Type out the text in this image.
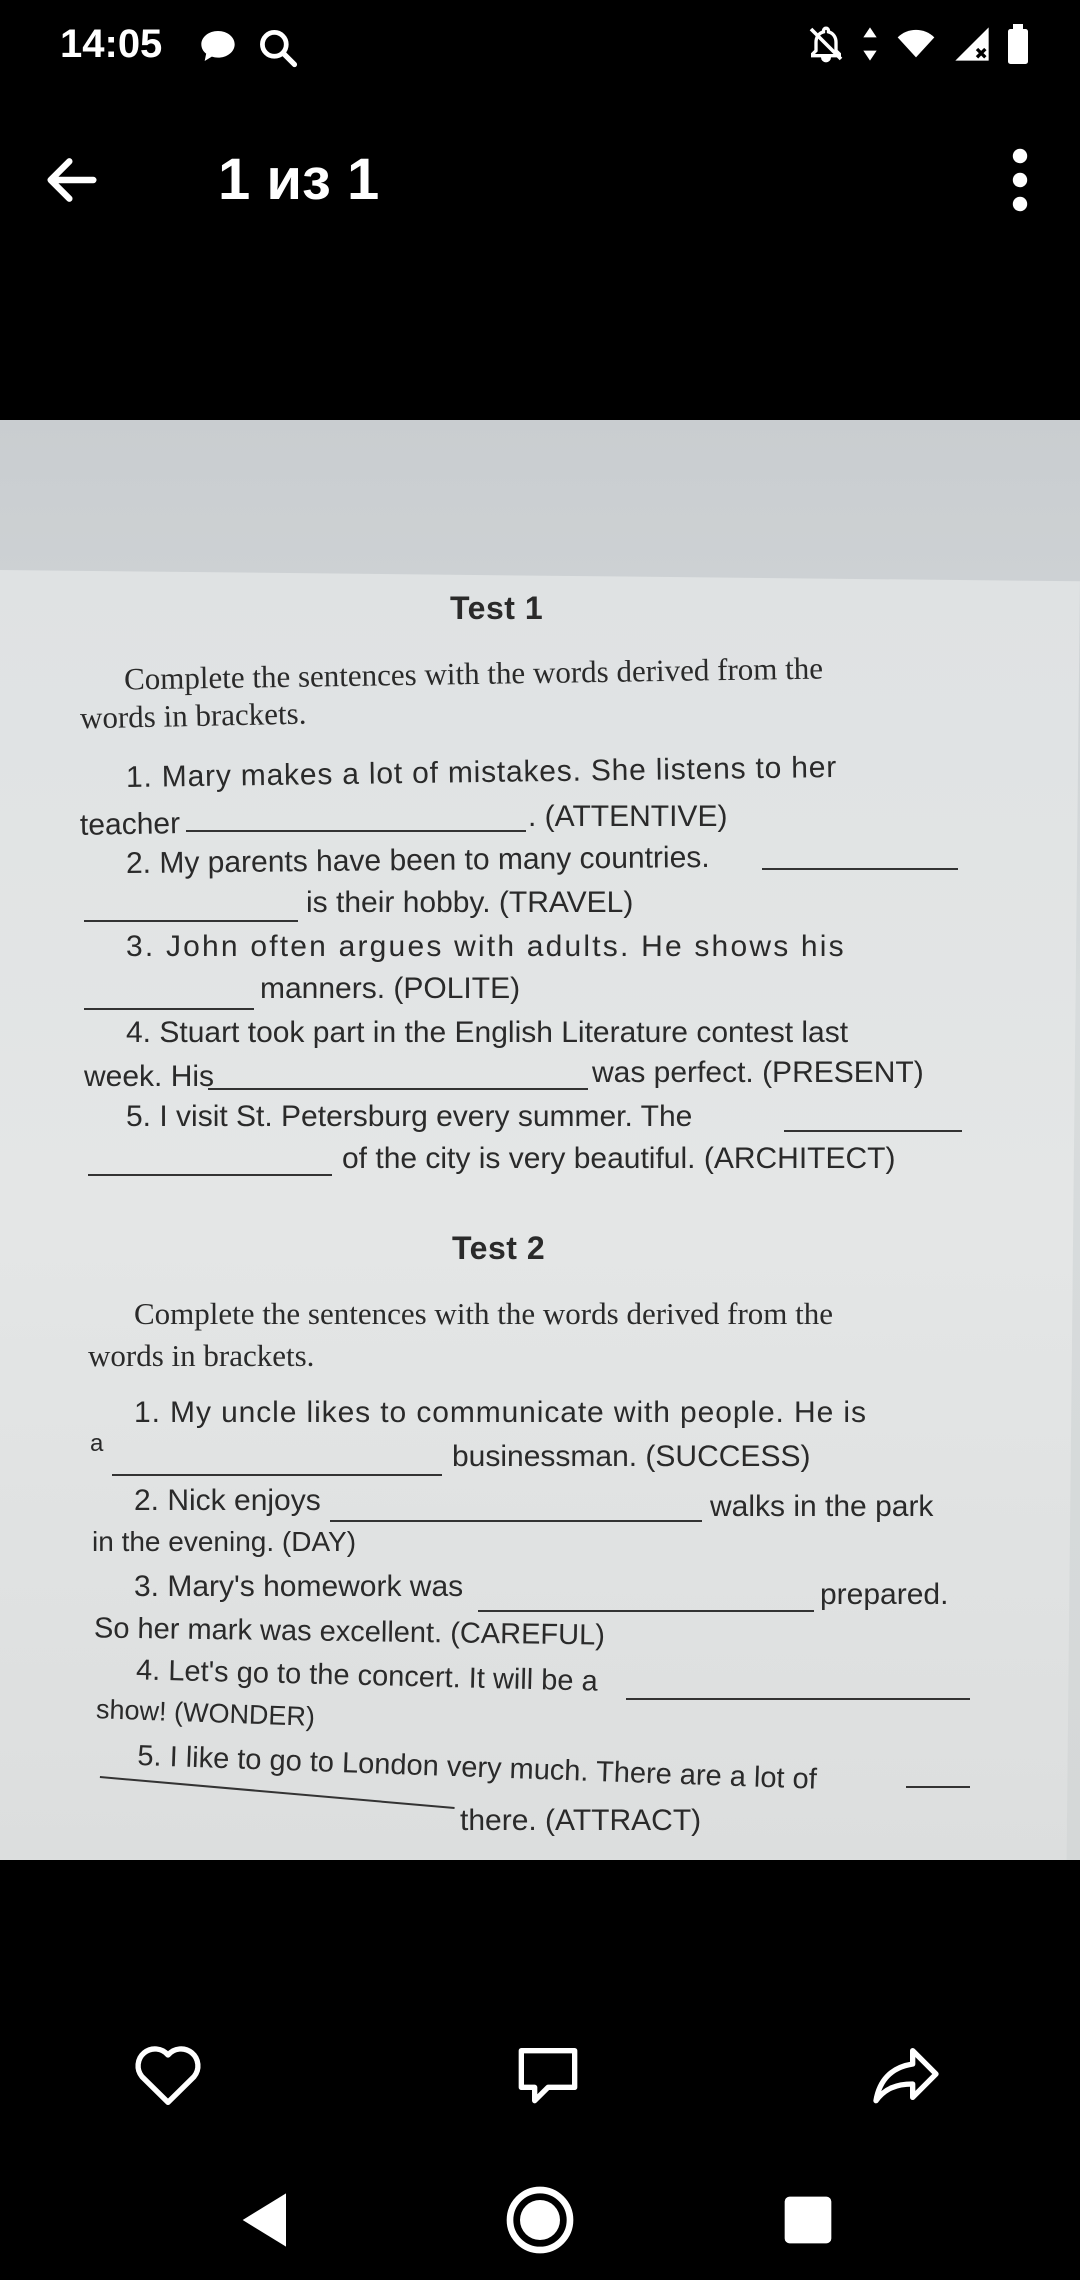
14:05
1 из 1
Test 1
Complete the sentences with the words derived from the
words in brackets.
1. Mary makes a lot of mistakes. She listens to her
teacher	. (ATTENTIVE)
2. My parents have been to many countries.
is their hobby. (TRAVEL)
3. John often argues with adults. He shows his
manners. (POLITE)
4. Stuart took part in the English Literature contest last
week. His	was perfect. (PRESENT)
5. I visit St. Petersburg every summer. The
of the city is very beautiful. (ARCHITECT)
Test 2
Complete the sentences with the words derived from the
words in brackets.
1. My uncle likes to communicate with people. He is
a	businessman. (SUCCESS)
2. Nick enjoys	walks in the park
in the evening. (DAY)
3. Mary's homework was	prepared.
So her mark was excellent. (CAREFUL)
4. Let's go to the concert. It will be a
show! (WONDER)
5. I like to go to London very much. There are a lot of
there. (ATTRACT)
